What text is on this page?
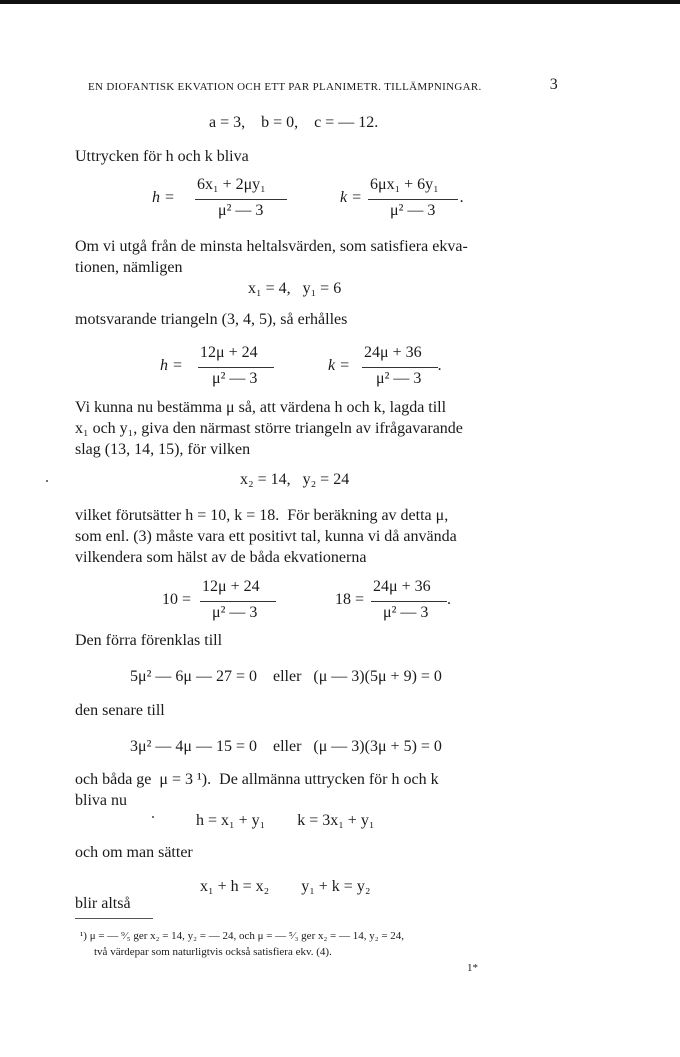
EN DIOFANTISK EKVATION OCH ETT PAR PLANIMETR. TILLÄMPNINGAR.	3
a = 3,    b = 0,    c = — 12.
Uttrycken för h och k bliva
h =
6x₁ + 2μy₁
μ² — 3
k =
6μx₁ + 6y₁
μ² — 3
.
Om vi utgå från de minsta heltalsvärden, som satisfiera ekva-
tionen, nämligen
x₁ = 4,   y₁ = 6
motsvarande triangeln (3, 4, 5), så erhålles
h =
12μ + 24
μ² — 3
k =
24μ + 36
μ² — 3
.
Vi kunna nu bestämma μ så, att värdena h och k, lagda till
x₁ och y₁, giva den närmast större triangeln av ifrågavarande
slag (13, 14, 15), för vilken
x₂ = 14,   y₂ = 24
vilket förutsätter h = 10, k = 18.  För beräkning av detta μ,
som enl. (3) måste vara ett positivt tal, kunna vi då använda
vilkendera som hälst av de båda ekvationerna
10 =
12μ + 24
μ² — 3
18 =
24μ + 36
μ² — 3
.
Den förra förenklas till
5μ² — 6μ — 27 = 0    eller   (μ — 3)(5μ + 9) = 0
den senare till
3μ² — 4μ — 15 = 0    eller   (μ — 3)(3μ + 5) = 0
och båda ge  μ = 3 ¹).  De allmänna uttrycken för h och k
bliva nu
h = x₁ + y₁        k = 3x₁ + y₁
och om man sätter
x₁ + h = x₂        y₁ + k = y₂
blir altså
¹) μ = — ⁹⁄₅ ger x₂ = 14, y₂ = — 24, och μ = — ⁵⁄₃ ger x₂ = — 14, y₂ = 24,
två värdepar som naturligtvis också satisfiera ekv. (4).
1*
